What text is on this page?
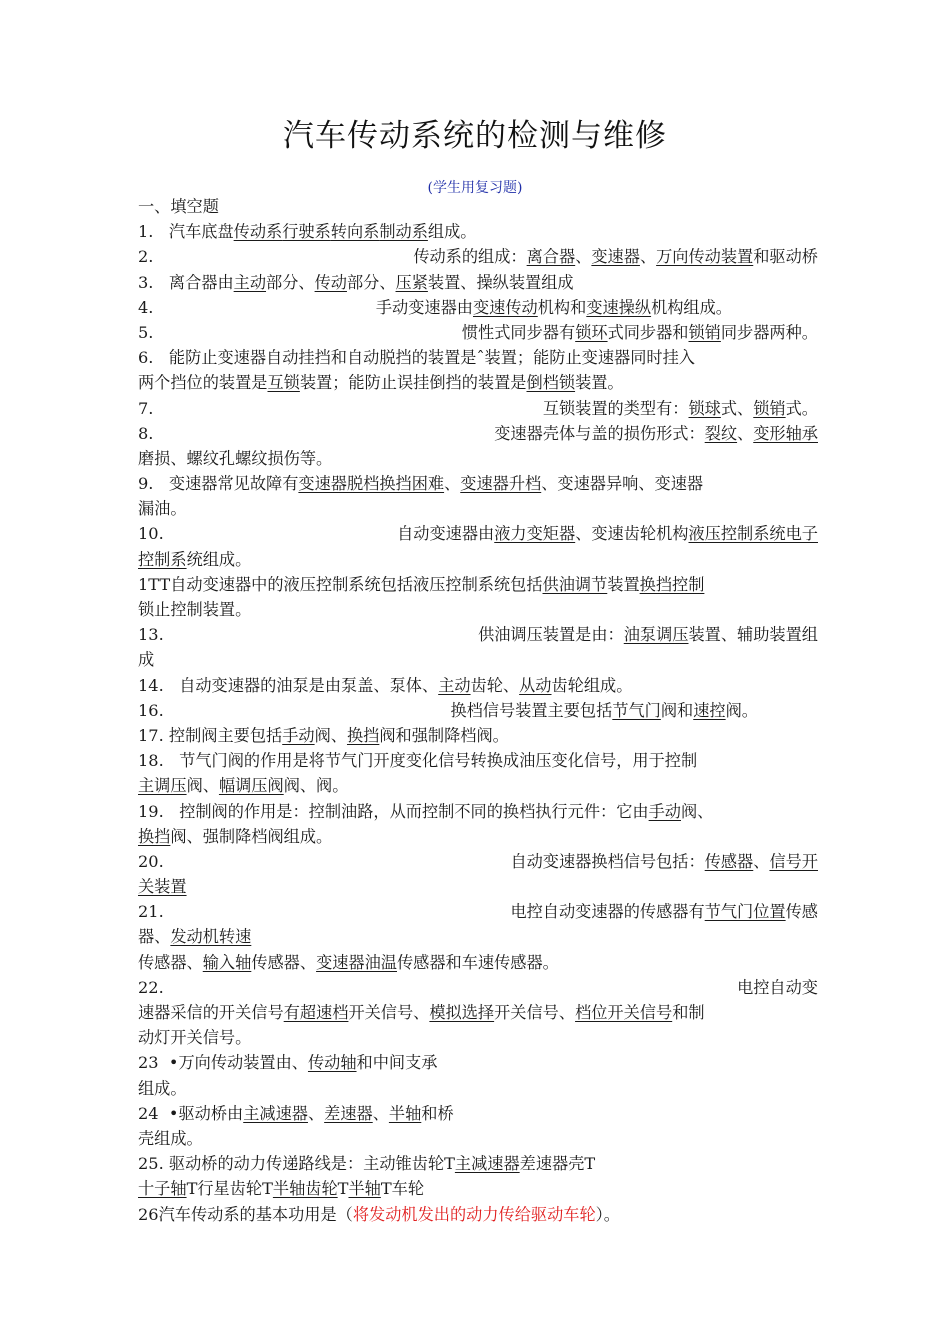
汽车传动系统的检测与维修
(学生用复习题)
一、填空题
1. 汽车底盘传动系行驶系转向系制动系组成。
2.	传动系的组成：离合器、变速器、万向传动装置和驱动桥
3. 离合器由主动部分、传动部分、压紧装置、操纵装置组成
4.	手动变速器由变速传动机构和变速操纵机构组成。
5.	惯性式同步器有锁环式同步器和锁销同步器两种。
6. 能防止变速器自动挂挡和自动脱挡的装置是ˆ装置；能防止变速器同时挂入
两个挡位的装置是互锁装置；能防止误挂倒挡的装置是倒档锁装置。
7.	互锁装置的类型有：锁球式、锁销式。
8.	变速器壳体与盖的损伤形式：裂纹、变形轴承
磨损、螺纹孔螺纹损伤等。
9. 变速器常见故障有变速器脱档换挡困难、变速器升档、变速器异响、变速器
漏油。
10.	自动变速器由液力变矩器、变速齿轮机构液压控制系统电子
控制系统组成。
1TT自动变速器中的液压控制系统包括液压控制系统包括供油调节装置换挡控制
锁止控制装置。
13.	供油调压装置是由：油泵调压装置、辅助装置组
成
14. 自动变速器的油泵是由泵盖、泵体、主动齿轮、从动齿轮组成。
16.	换档信号装置主要包括节气门阀和速控阀。
17. 控制阀主要包括手动阀、换挡阀和强制降档阀。
18. 节气门阀的作用是将节气门开度变化信号转换成油压变化信号，用于控制
主调压阀、幅调压阀阀、阀。
19. 控制阀的作用是：控制油路，从而控制不同的换档执行元件：它由手动阀、
换挡阀、强制降档阀组成。
20.	自动变速器换档信号包括：传感器、信号开
关装置
21.	电控自动变速器的传感器有节气门位置传感
器、发动机转速
传感器、输入轴传感器、变速器油温传感器和车速传感器。
22.	电控自动变
速器采信的开关信号有超速档开关信号、模拟选择开关信号、档位开关信号和制
动灯开关信号。
23 •万向传动装置由、传动轴和中间支承
组成。
24 •驱动桥由主减速器、差速器、半轴和桥
壳组成。
25. 驱动桥的动力传递路线是：主动锥齿轮T主减速器差速器壳T
十子轴T行星齿轮T半轴齿轮T半轴T车轮
26汽车传动系的基本功用是（将发动机发出的动力传给驱动车轮）。
